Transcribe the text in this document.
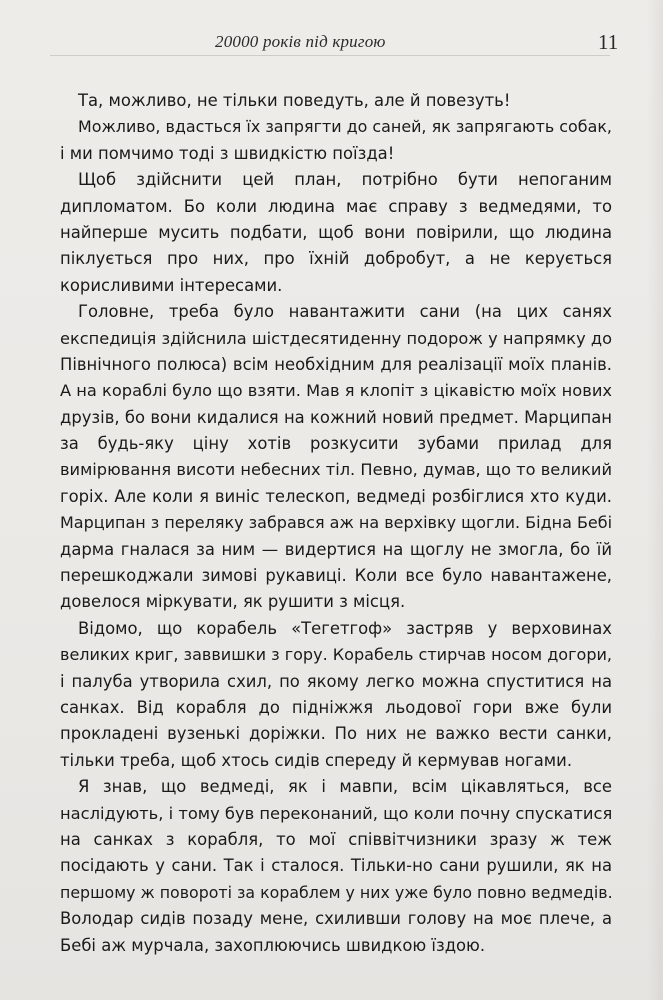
20000 років під кригою	11
Та, можливо, не тільки поведуть, але й повезуть!
Можливо, вдасться їх запрягти до саней, як запрягають собак,
і ми помчимо тоді з швидкістю поїзда!
Щоб здійснити цей план, потрібно бути непоганим
дипломатом. Бо коли людина має справу з ведмедями, то
найперше мусить подбати, щоб вони повірили, що людина
піклується про них, про їхній добробут, а не керується
корисливими інтересами.
Головне, треба було навантажити сани (на цих санях
експедиція здійснила шістдесятиденну подорож у напрямку до
Північного полюса) всім необхідним для реалізації моїх планів.
А на кораблі було що взяти. Мав я клопіт з цікавістю моїх нових
друзів, бо вони кидалися на кожний новий предмет. Марципан
за будь-яку ціну хотів розкусити зубами прилад для
вимірювання висоти небесних тіл. Певно, думав, що то великий
горіх. Але коли я виніс телескоп, ведмеді розбіглися хто куди.
Марципан з переляку забрався аж на верхівку щогли. Бідна Бебі
дарма гналася за ним — видертися на щоглу не змогла, бо їй
перешкоджали зимові рукавиці. Коли все було навантажене,
довелося міркувати, як рушити з місця.
Відомо, що корабель «Тегетгоф» застряв у верховинах
великих криг, заввишки з гору. Корабель стирчав носом догори,
і палуба утворила схил, по якому легко можна спуститися на
санках. Від корабля до підніжжя льодової гори вже були
прокладені вузенькі доріжки. По них не важко вести санки,
тільки треба, щоб хтось сидів спереду й кермував ногами.
Я знав, що ведмеді, як і мавпи, всім цікавляться, все
наслідують, і тому був переконаний, що коли почну спускатися
на санках з корабля, то мої співвітчизники зразу ж теж
посідають у сани. Так і сталося. Тільки-но сани рушили, як на
першому ж повороті за кораблем у них уже було повно ведмедів.
Володар сидів позаду мене, схиливши голову на моє плече, а
Бебі аж мурчала, захоплюючись швидкою їздою.
